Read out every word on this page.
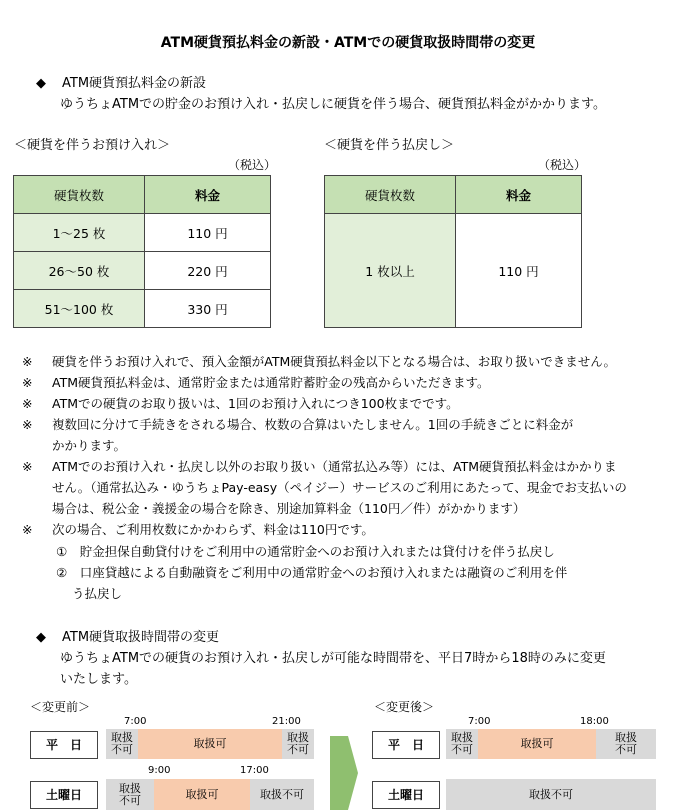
ATM硬貨預払料金の新設・ATMでの硬貨取扱時間帯の変更
◆ ATM硬貨預払料金の新設
ゆうちょATMでの貯金のお預け入れ・払戻しに硬貨を伴う場合、硬貨預払料金がかかります。
＜硬貨を伴うお預け入れ＞
（税込）
硬貨枚数	料金
1～25 枚	110 円
26～50 枚	220 円
51～100 枚	330 円
＜硬貨を伴う払戻し＞
（税込）
硬貨枚数	料金
1 枚以上	110 円
※ 硬貨を伴うお預け入れで、預入金額がATM硬貨預払料金以下となる場合は、お取り扱いできません。
※ ATM硬貨預払料金は、通常貯金または通常貯蓄貯金の残高からいただきます。
※ ATMでの硬貨のお取り扱いは、1回のお預け入れにつき100枚までです。
※ 複数回に分けて手続きをされる場合、枚数の合算はいたしません。1回の手続きごとに料金が
かかります。
※ ATMでのお預け入れ・払戻し以外のお取り扱い（通常払込み等）には、ATM硬貨預払料金はかかりま
せん。（通常払込み・ゆうちょPay-easy（ペイジー）サービスのご利用にあたって、現金でお支払いの
場合は、税公金・義援金の場合を除き、別途加算料金（110円／件）がかかります）
※ 次の場合、ご利用枚数にかかわらず、料金は110円です。
①　貯金担保自動貸付けをご利用中の通常貯金へのお預け入れまたは貸付けを伴う払戻し
②　口座貸越による自動融資をご利用中の通常貯金へのお預け入れまたは融資のご利用を伴
う払戻し
◆ ATM硬貨取扱時間帯の変更
ゆうちょATMでの硬貨のお預け入れ・払戻しが可能な時間帯を、平日7時から18時のみに変更
いたします。
＜変更前＞
7:00	21:00
平　日
取扱
不可	取扱可	取扱
不可
9:00	17:00
土曜日	取扱
不可	取扱可	取扱不可
＜変更後＞
7:00	18:00
平　日
取扱
不可	取扱可	取扱
不可
土曜日	取扱不可
